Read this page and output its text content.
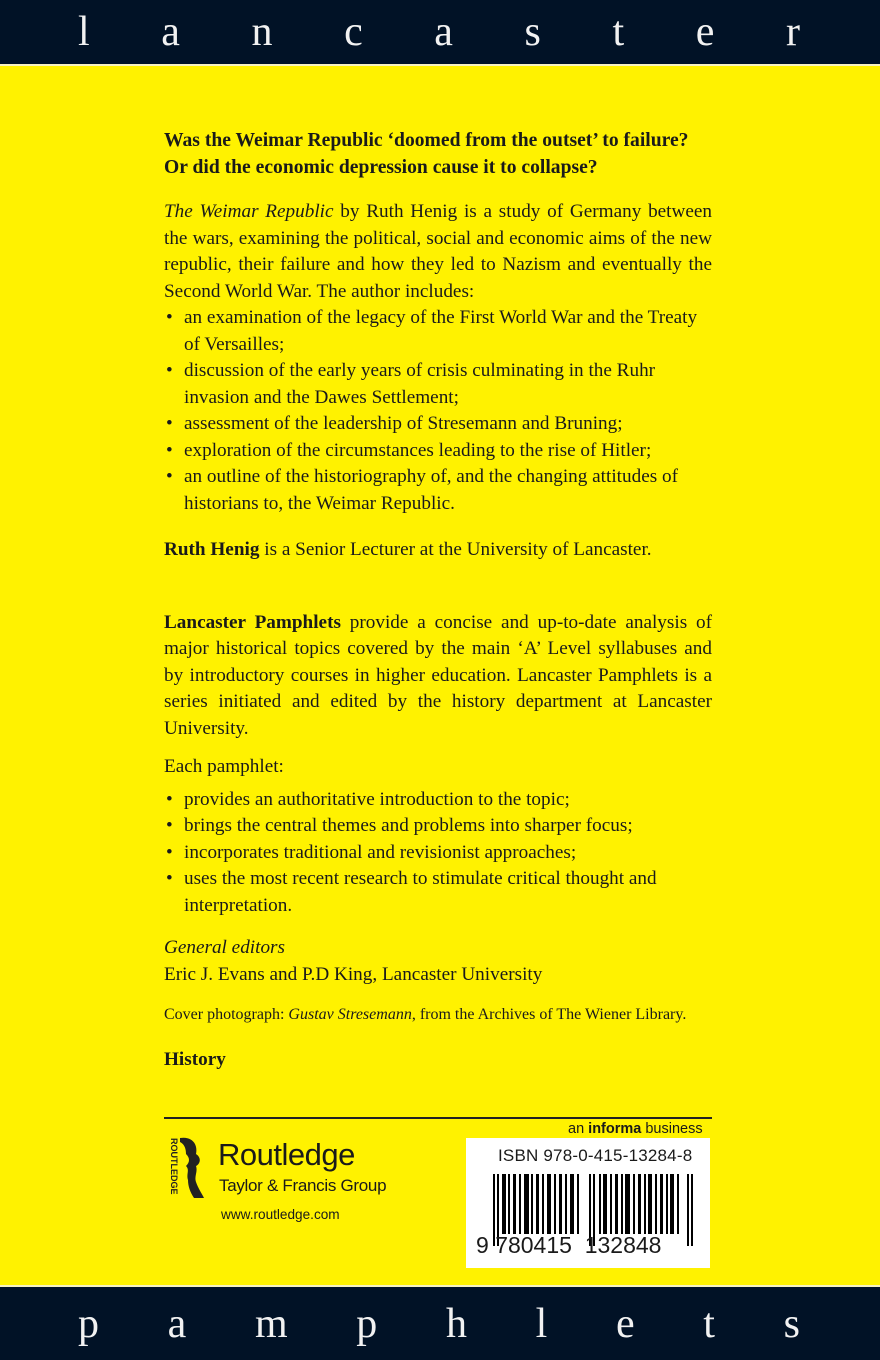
l a n c a s t e r

Was the Weimar Republic ‘doomed from the outset’ to failure?

Or did the economic depression cause it to collapse?

The Weimar Republic by Ruth Henig is a study of Germany between the wars, examining the political, social and economic aims of the new republic, their failure and how they led to Nazism and eventually the Second World War. The author includes:

• an examination of the legacy of the First World War and the Treaty of Versailles;
• discussion of the early years of crisis culminating in the Ruhr invasion and the Dawes Settlement;
• assessment of the leadership of Stresemann and Bruning;
• exploration of the circumstances leading to the rise of Hitler;
• an outline of the historiography of, and the changing attitudes of historians to, the Weimar Republic.

Ruth Henig is a Senior Lecturer at the University of Lancaster.

Lancaster Pamphlets provide a concise and up-to-date analysis of major historical topics covered by the main ‘A’ Level syllabuses and by introductory courses in higher education. Lancaster Pamphlets is a series initiated and edited by the history department at Lancaster University.

Each pamphlet:

• provides an authoritative introduction to the topic;
• brings the central themes and problems into sharper focus;
• incorporates traditional and revisionist approaches;
• uses the most recent research to stimulate critical thought and interpretation.

General editors

Eric J. Evans and P.D King, Lancaster University

Cover photograph: Gustav Stresemann, from the Archives of The Wiener Library.

History

an informa business
ROUTLEDGE Routledge
Taylor & Francis Group
www.routledge.com
ISBN 978-0-415-13284-8
9 780415 132848
p a m p h l e t s
